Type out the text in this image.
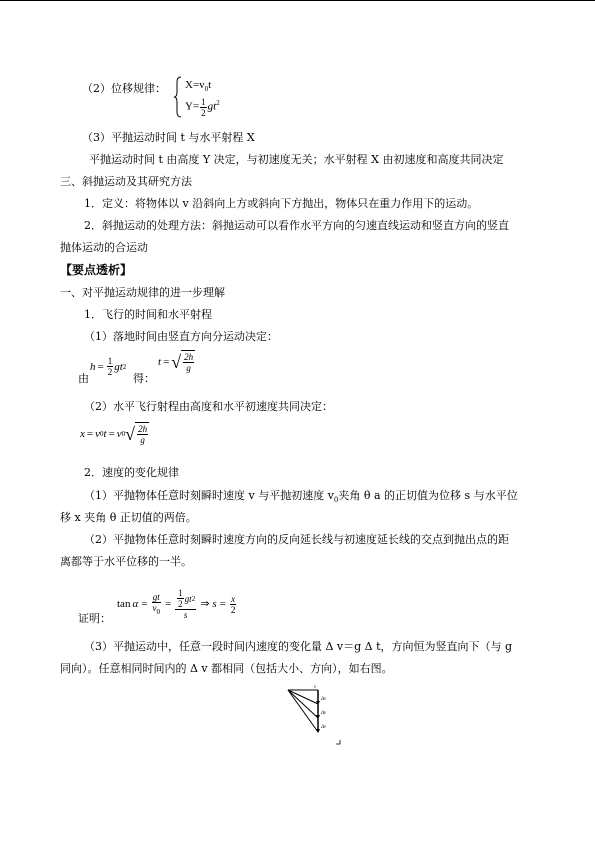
（2）位移规律： $X=v_0t$
$Y= \frac{1}{2} gt^2$
（3）平抛运动时间 t 与水平射程 X
平抛运动时间 t 由高度 Y 决定，与初速度无关；水平射程 X 由初速度和高度共同决定
三、斜抛运动及其研究方法
1．定义：将物体以 v 沿斜向上方或斜向下方抛出，物体只在重力作用下的运动。
2．斜抛运动的处理方法：斜抛运动可以看作水平方向的匀速直线运动和竖直方向的竖直
抛体运动的合运动
【要点透析】
一、对平抛运动规律的进一步理解
1．飞行的时间和水平射程
（1）落地时间由竖直方向分运动决定：
由
$h = \frac{1}{2}$ gt 2
得：
t = √ $\frac{2h}{g}$
（2）水平飞行射程由高度和水平初速度共同决定：
x = v 0 t = v 0 √ $\frac{2h}{g}$
2．速度的变化规律
（1）平抛物体任意时刻瞬时速度 v 与平抛初速度 $v_0$夹角 θ a 的正切值为位移 s 与水平位
移 x 夹角 θ 正切值的两倍。
（2）平抛物体任意时刻瞬时速度方向的反向延长线与初速度延长线的交点到抛出点的距
离都等于水平位移的一半。
证明：
$\tan \alpha = \frac{gt}{v_0} = \frac{\frac{1}{2} gt 2}{s}$ ⇒ $s = \frac{x}{2}$
（3）平抛运动中，任意一段时间内速度的变化量 Δ v＝g Δ t，方向恒为竖直向下（与 g
同向）。任意相同时间内的 Δ v 都相同（包括大小、方向），如右图。
v
Δv
Δv
Δv
